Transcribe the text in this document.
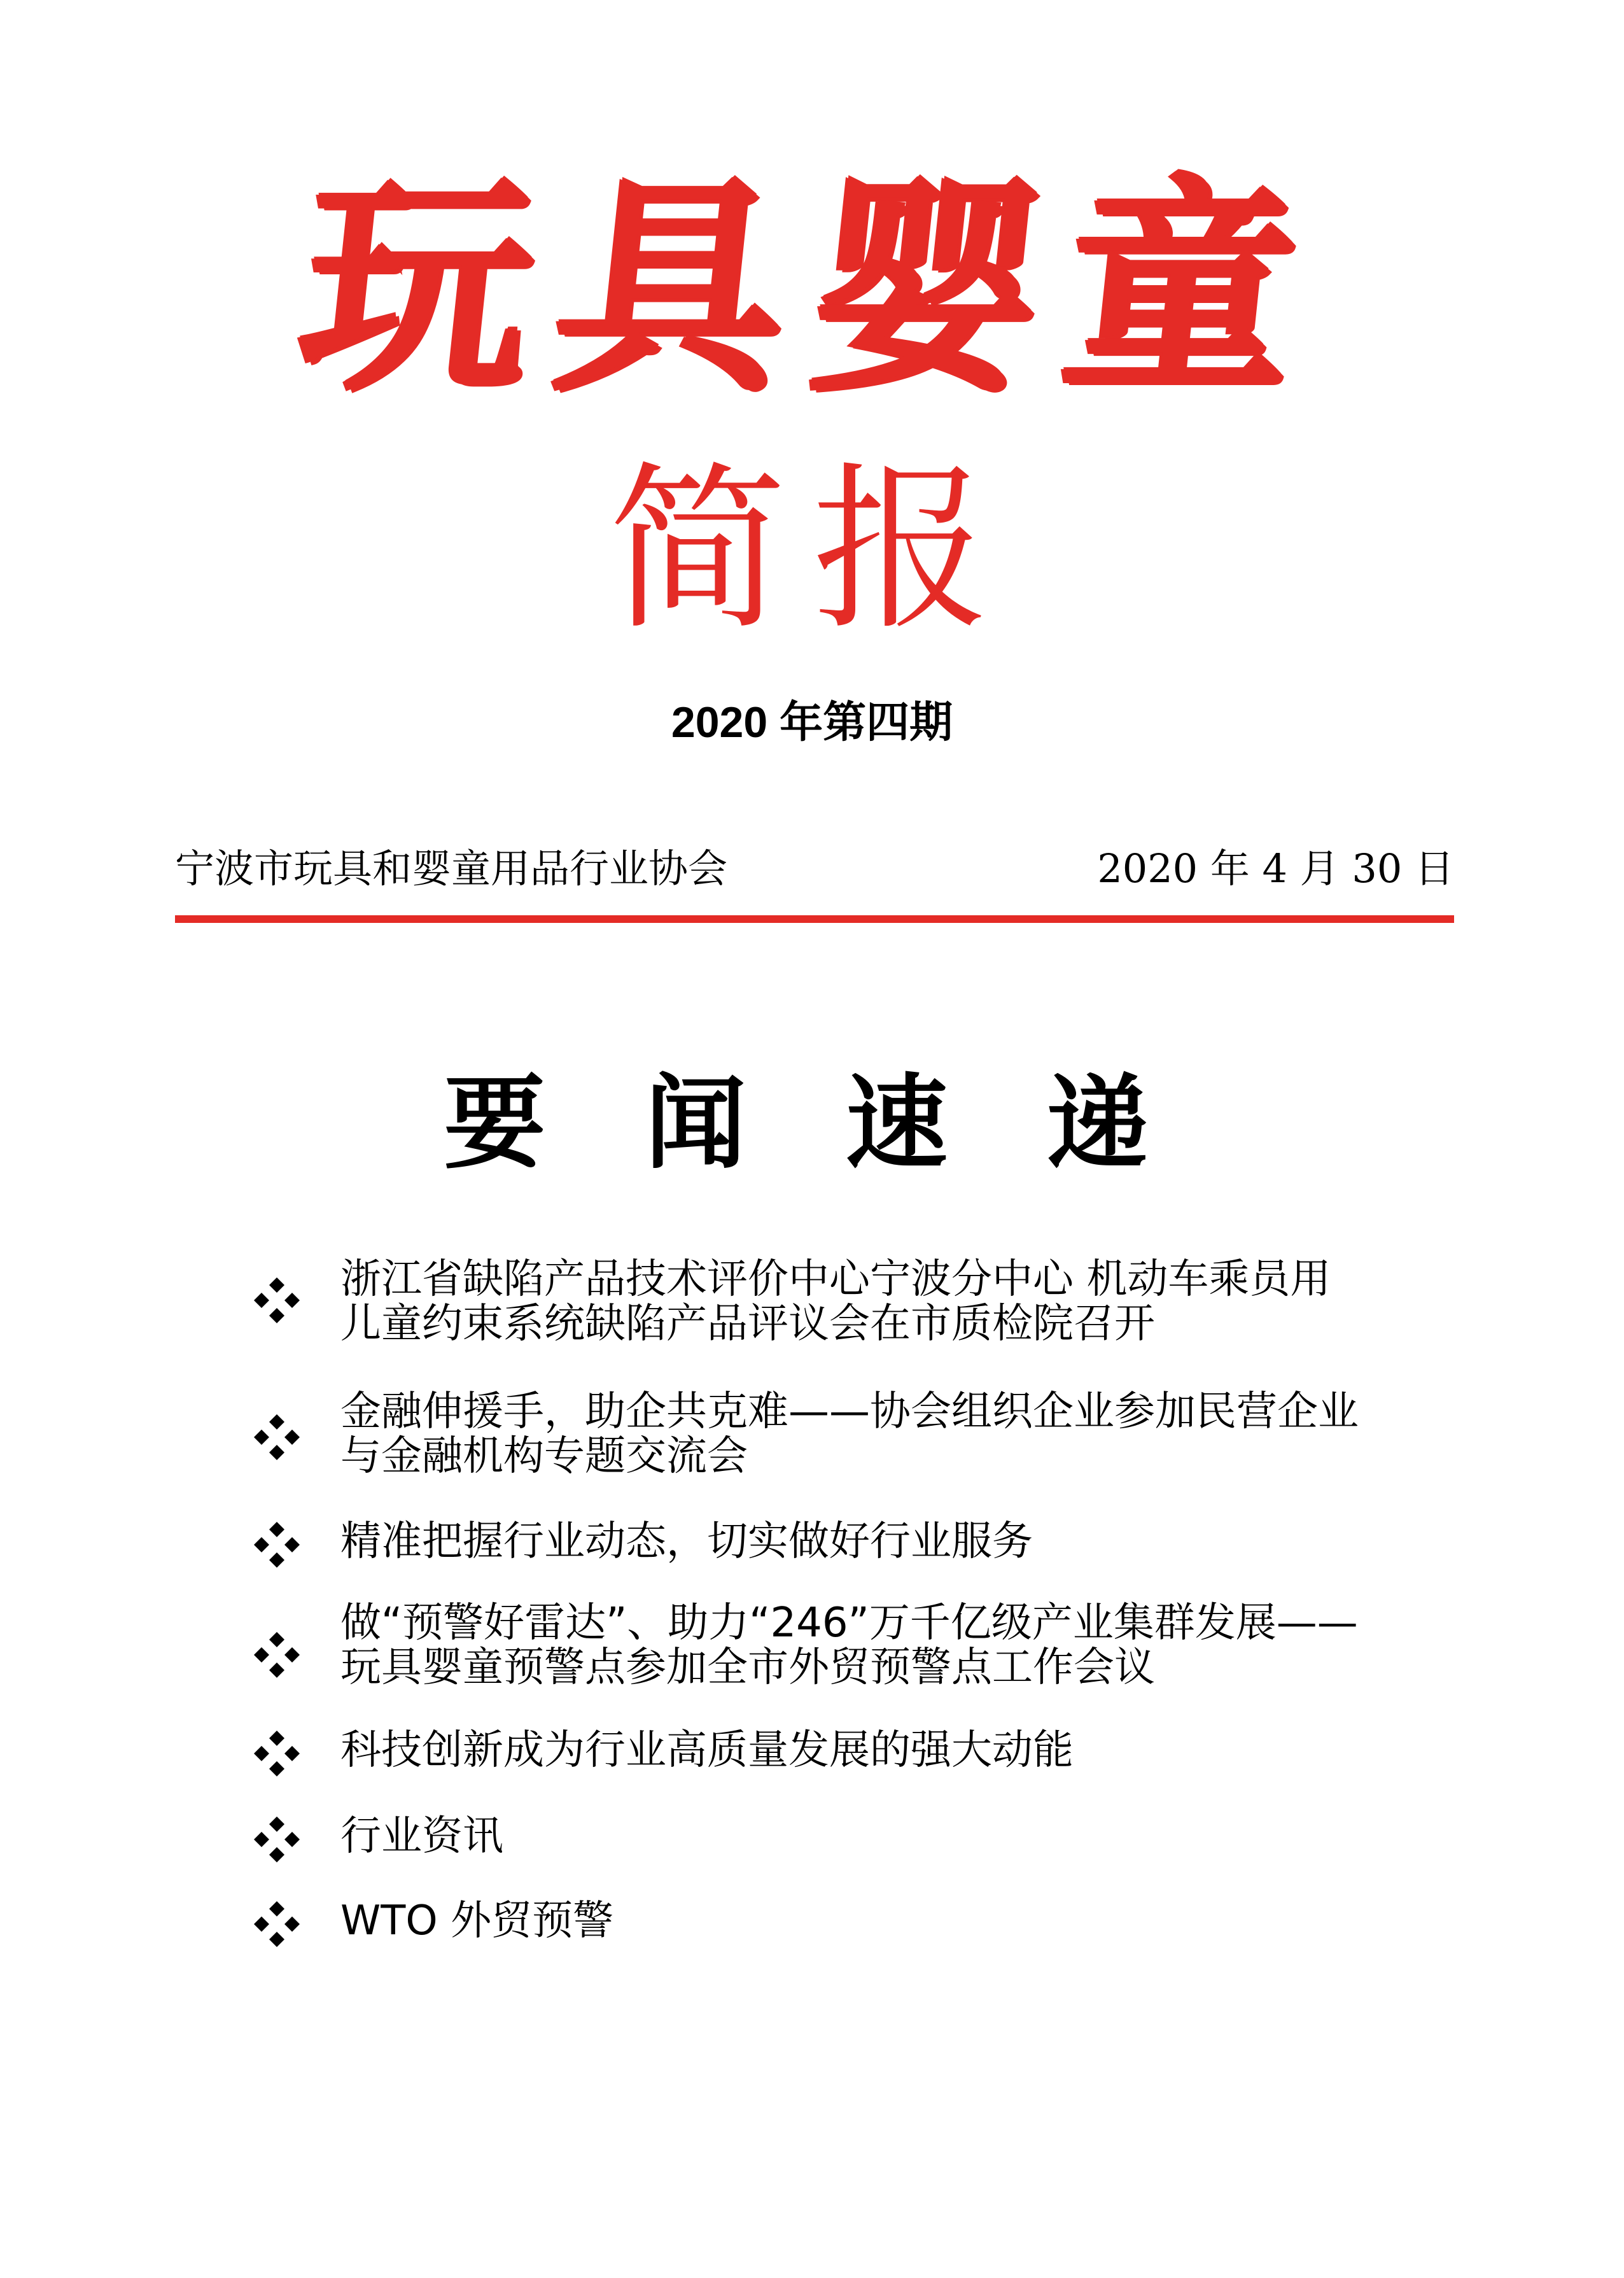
玩具婴童
简报
2020 年第四期
宁波市玩具和婴童用品行业协会	2020 年 4 月 30 日
要 闻 速 递
浙江省缺陷产品技术评价中心宁波分中心 机动车乘员用
儿童约束系统缺陷产品评议会在市质检院召开
金融伸援手，助企共克难——协会组织企业参加民营企业
与金融机构专题交流会
精准把握行业动态，切实做好行业服务
做“预警好雷达”、助力“246”万千亿级产业集群发展——
玩具婴童预警点参加全市外贸预警点工作会议
科技创新成为行业高质量发展的强大动能
行业资讯
WTO 外贸预警
